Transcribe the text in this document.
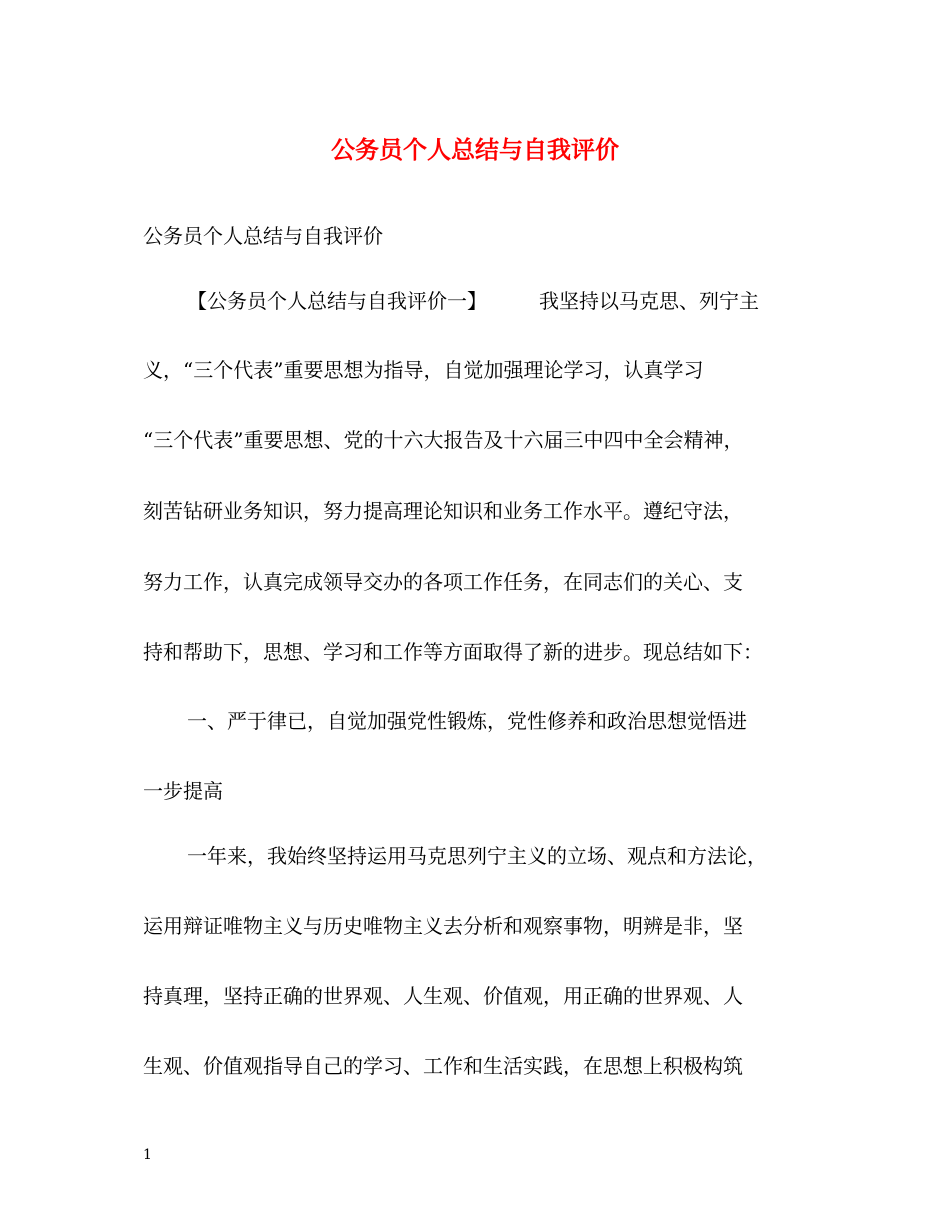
公务员个人总结与自我评价
公务员个人总结与自我评价
【公务员个人总结与自我评价一】	我坚持以马克思、列宁主
义，“三个代表”重要思想为指导，自觉加强理论学习，认真学习
“三个代表”重要思想、党的十六大报告及十六届三中四中全会精神，
刻苦钻研业务知识，努力提高理论知识和业务工作水平。遵纪守法，
努力工作，认真完成领导交办的各项工作任务，在同志们的关心、支
持和帮助下，思想、学习和工作等方面取得了新的进步。现总结如下：
一、严于律已，自觉加强党性锻炼，党性修养和政治思想觉悟进
一步提高
一年来，我始终坚持运用马克思列宁主义的立场、观点和方法论，
运用辩证唯物主义与历史唯物主义去分析和观察事物，明辨是非，坚
持真理，坚持正确的世界观、人生观、价值观，用正确的世界观、人
生观、价值观指导自己的学习、工作和生活实践，在思想上积极构筑
1
